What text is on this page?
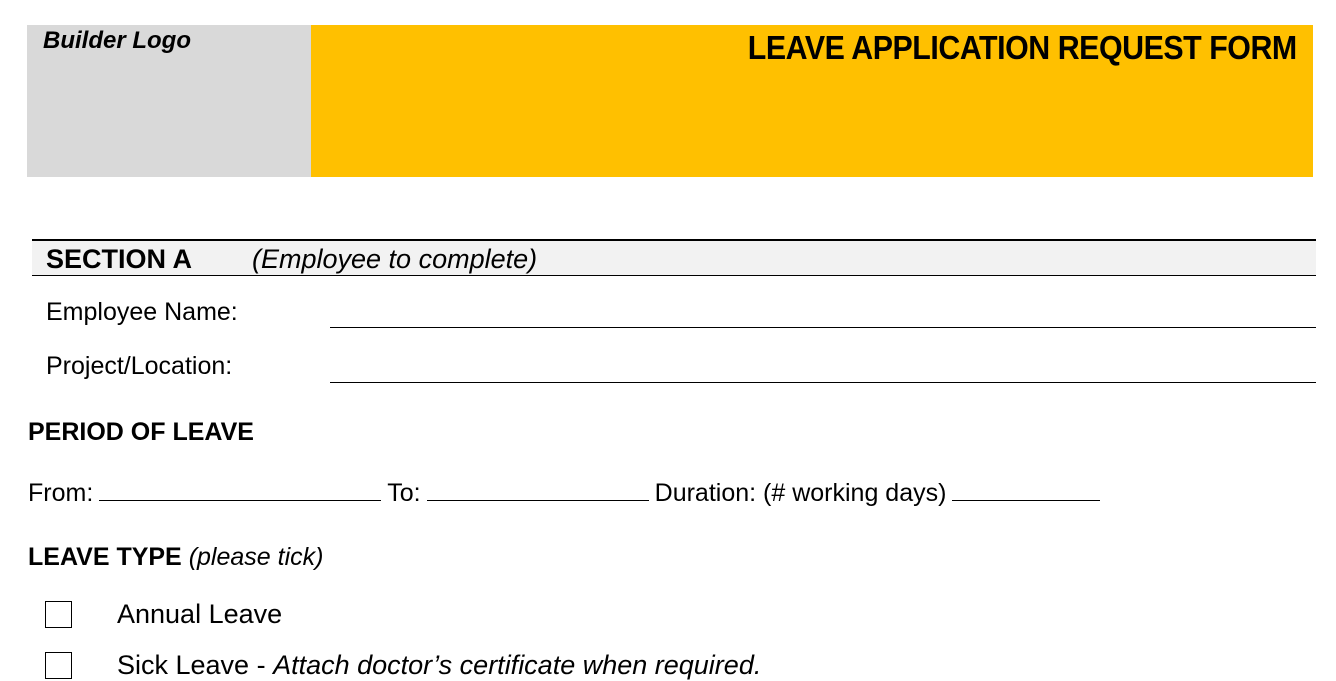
Builder Logo	LEAVE APPLICATION REQUEST FORM
SECTION A (Employee to complete)
Employee Name:
Project/Location:
PERIOD OF LEAVE
From:	To:	Duration: (# working days)
LEAVE TYPE (please tick)
Annual Leave
Sick Leave - Attach doctor’s certificate when required.
